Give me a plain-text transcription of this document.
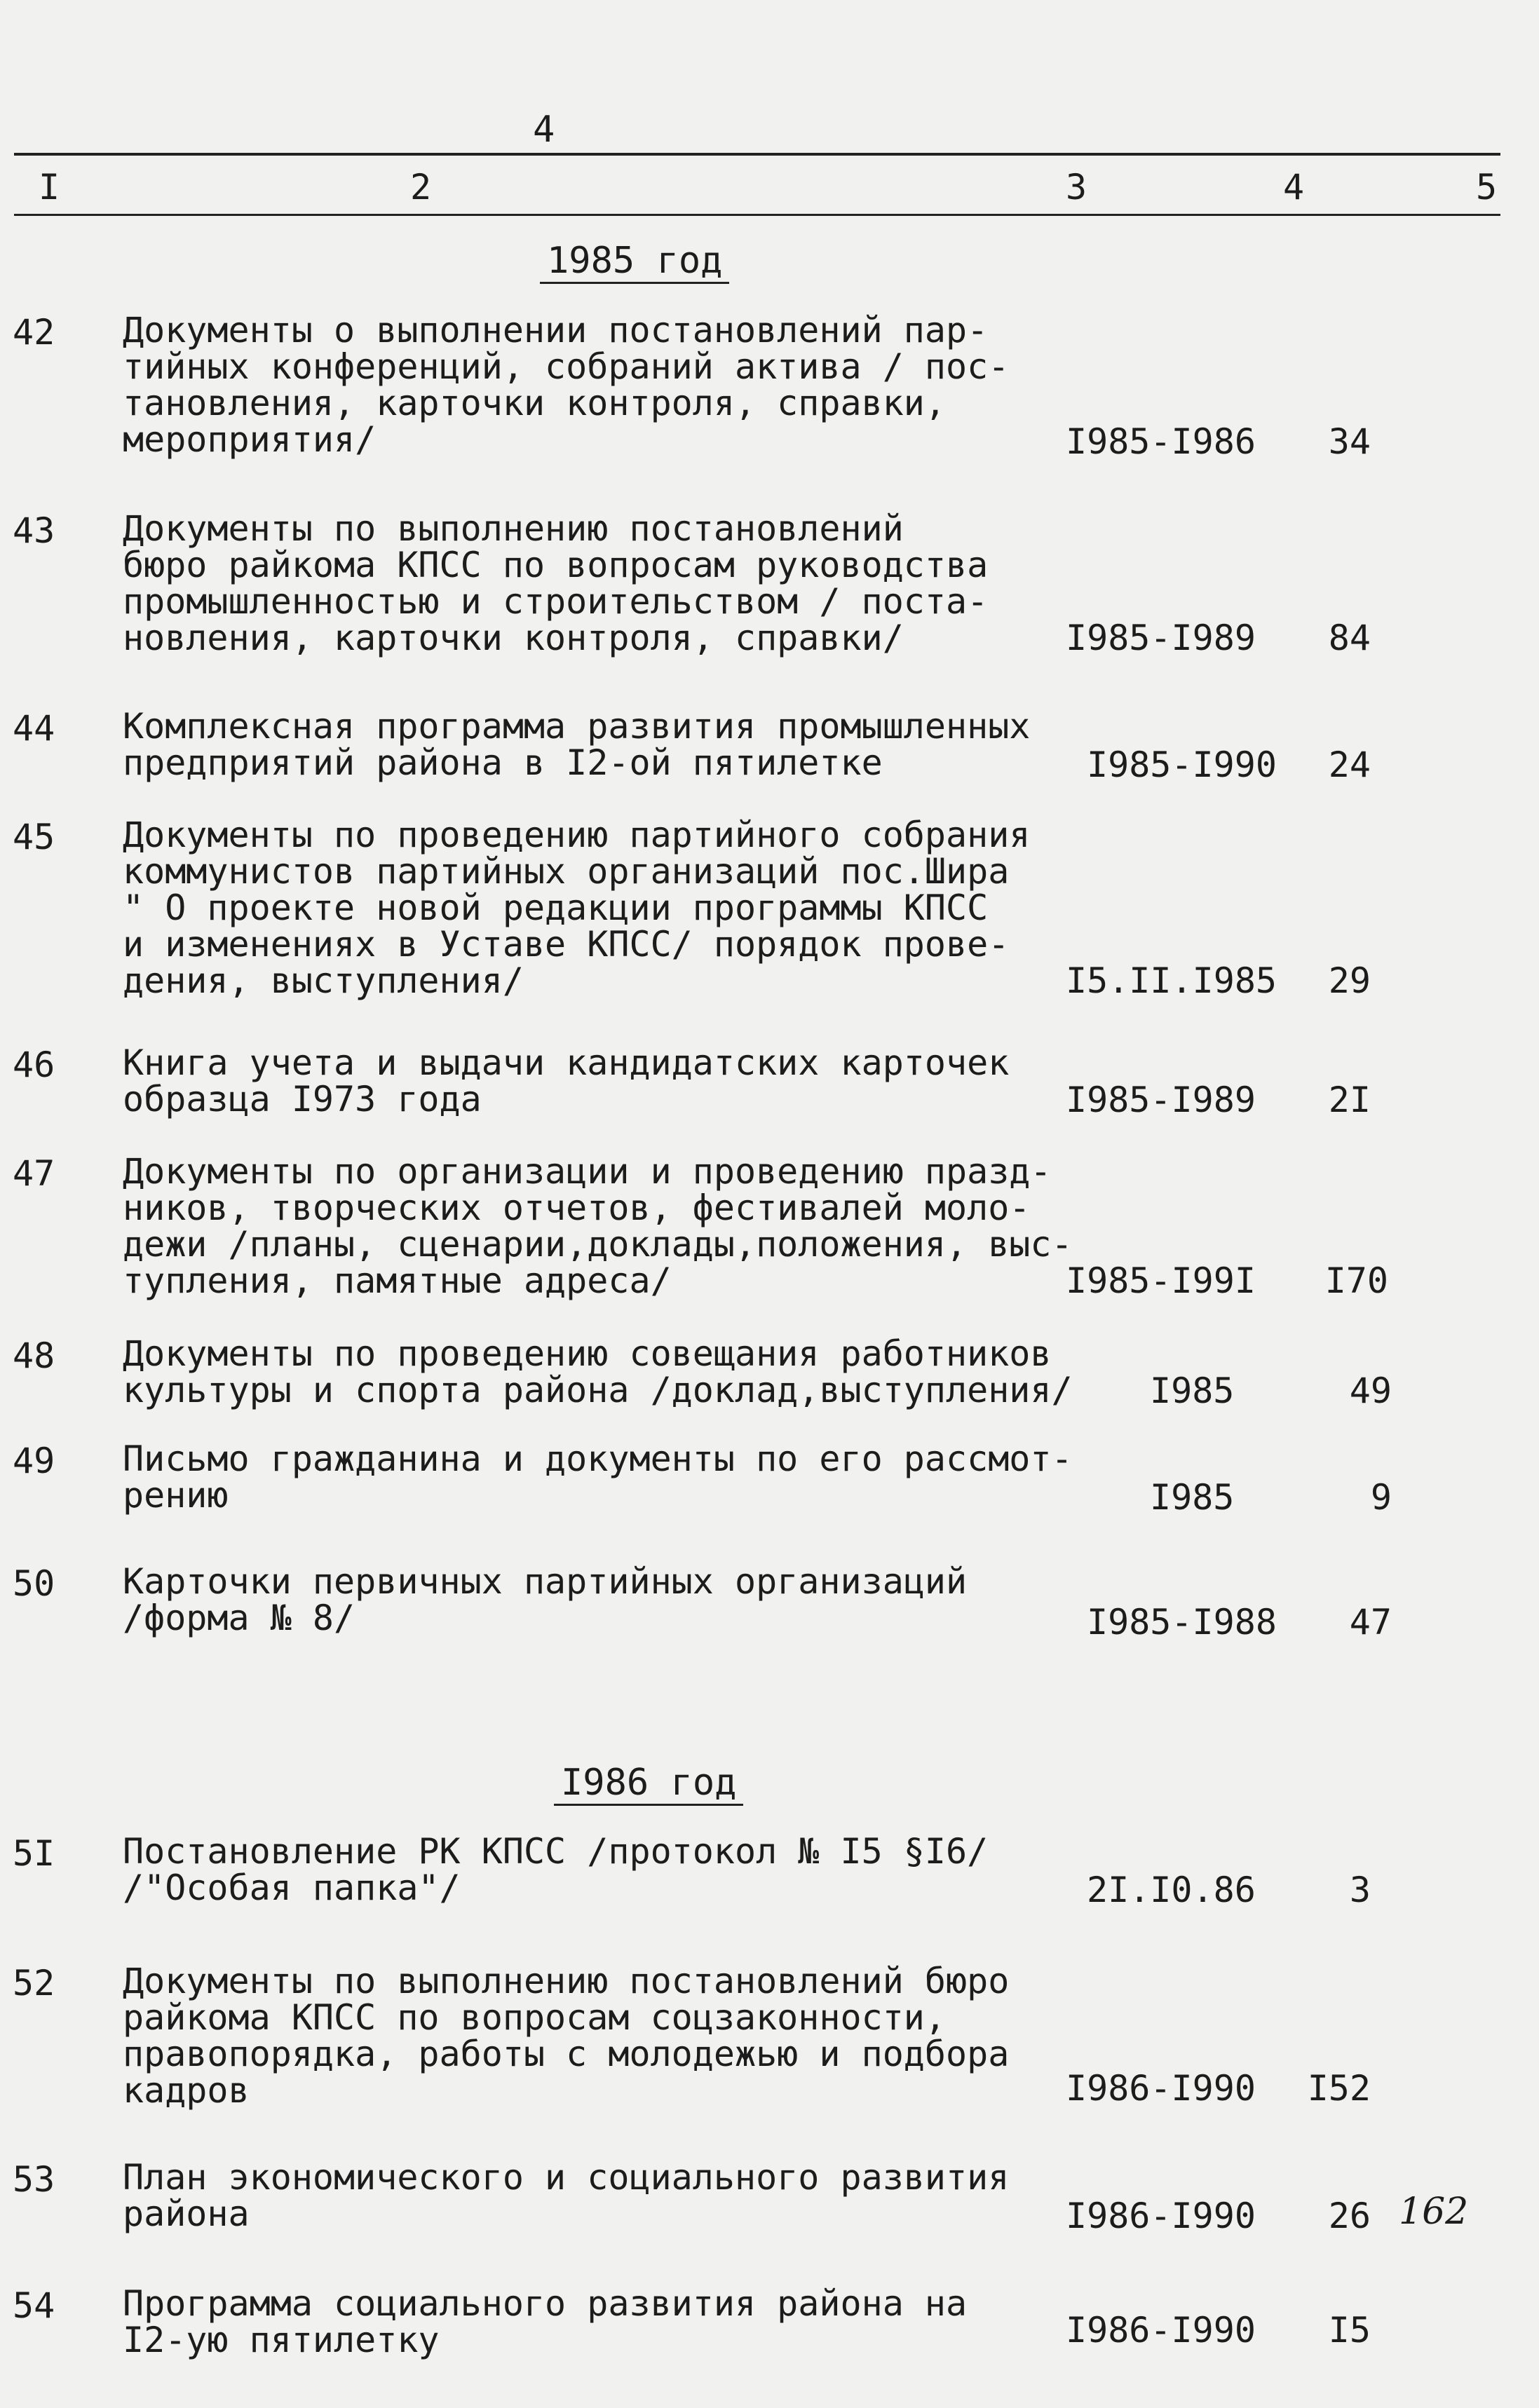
4
I	2	3	4	5
1985 год
42 Документы о выполнении постановлений пар-
тийных конференций, собраний актива / пос-
тановления, карточки контроля, справки,
мероприятия/	I985-I986	34
43 Документы по выполнению постановлений
бюро райкома КПСС по вопросам руководства
промышленностью и строительством / поста-
новления, карточки контроля, справки/	I985-I989	84
44 Комплексная программа развития промышленных
предприятий района в I2-ой пятилетке	I985-I990	24
45 Документы по проведению партийного собрания
коммунистов партийных организаций пос.Шира
" О проекте новой редакции программы КПСС
и изменениях в Уставе КПСС/ порядок прове-
дения, выступления/	I5.II.I985	29
46 Книга учета и выдачи кандидатских карточек
образца I973 года	I985-I989	2I
47 Документы по организации и проведению празд-
ников, творческих отчетов, фестивалей моло-
дежи /планы, сценарии,доклады,положения, выс-
тупления, памятные адреса/	I985-I99I	I70
48 Документы по проведению совещания работников
культуры и спорта района /доклад,выступления/ I985	49
49 Письмо гражданина и документы по его рассмот-
рению	I985	9
50 Карточки первичных партийных организаций
/форма № 8/	I985-I988	47
I986 год
5I Постановление РК КПСС /протокол № I5 §I6/
/"Особая папка"/	2I.I0.86	3
52 Документы по выполнению постановлений бюро
райкома КПСС по вопросам соцзаконности,
правопорядка, работы с молодежью и подбора
кадров	I986-I990	I52
53 План экономического и социального развития
района	I986-I990	26 162
54 Программа социального развития района на
I2-ую пятилетку	I986-I990	I5
